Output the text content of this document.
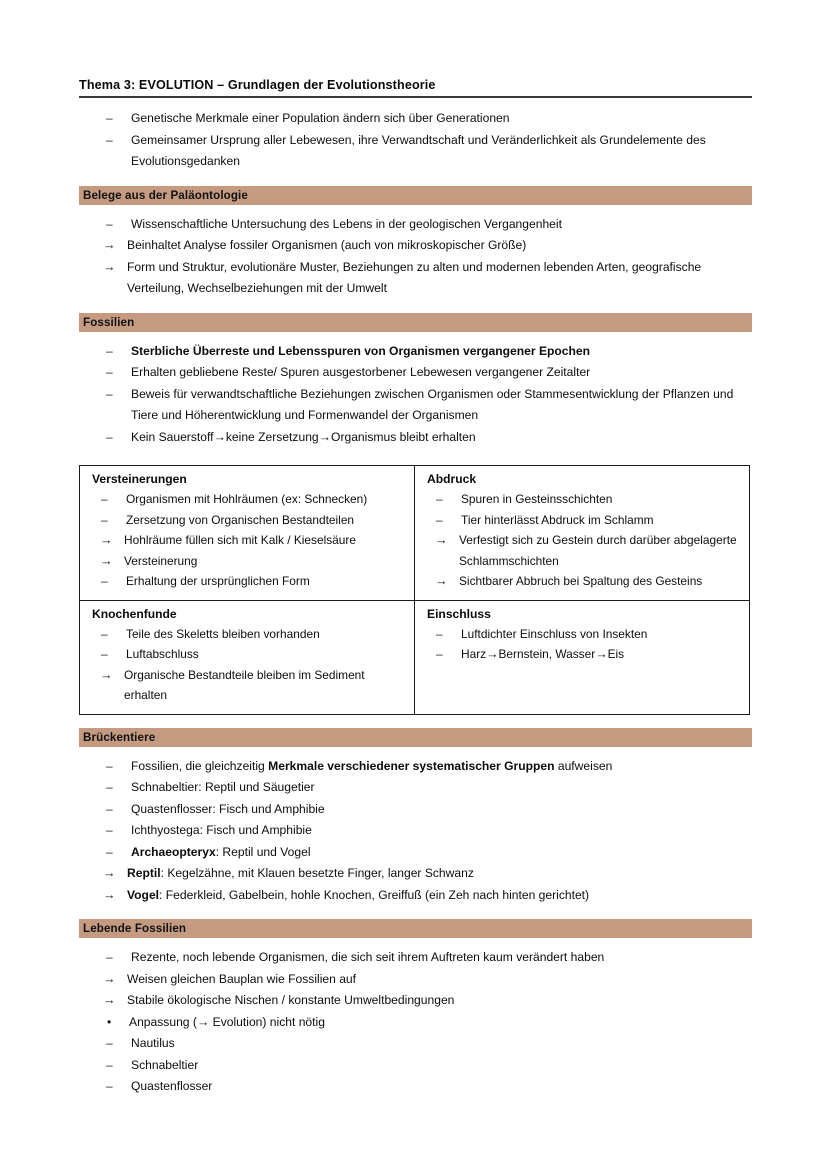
Thema 3: EVOLUTION – Grundlagen der Evolutionstheorie
– Genetische Merkmale einer Population ändern sich über Generationen
– Gemeinsamer Ursprung aller Lebewesen, ihre Verwandtschaft und Veränderlichkeit als Grundelemente des Evolutionsgedanken
Belege aus der Paläontologie
– Wissenschaftliche Untersuchung des Lebens in der geologischen Vergangenheit
→ Beinhaltet Analyse fossiler Organismen (auch von mikroskopischer Größe)
→ Form und Struktur, evolutionäre Muster, Beziehungen zu alten und modernen lebenden Arten, geografische Verteilung, Wechselbeziehungen mit der Umwelt
Fossilien
– Sterbliche Überreste und Lebensspuren von Organismen vergangener Epochen
– Erhalten gebliebene Reste/ Spuren ausgestorbener Lebewesen vergangener Zeitalter
– Beweis für verwandtschaftliche Beziehungen zwischen Organismen oder Stammesentwicklung der Pflanzen und Tiere und Höherentwicklung und Formenwandel der Organismen
– Kein Sauerstoff→keine Zersetzung→Organismus bleibt erhalten
Versteinerungen
– Organismen mit Hohlräumen (ex: Schnecken)
– Zersetzung von Organischen Bestandteilen
→ Hohlräume füllen sich mit Kalk / Kieselsäure
→ Versteinerung
– Erhaltung der ursprünglichen Form

Abdruck
– Spuren in Gesteinsschichten
– Tier hinterlässt Abdruck im Schlamm
→ Verfestigt sich zu Gestein durch darüber abgelagerte Schlammschichten
→ Sichtbarer Abbruch bei Spaltung des Gesteins

Knochenfunde
– Teile des Skeletts bleiben vorhanden
– Luftabschluss
→ Organische Bestandteile bleiben im Sediment erhalten

Einschluss
– Luftdichter Einschluss von Insekten
– Harz→Bernstein, Wasser→Eis
Brückentiere
– Fossilien, die gleichzeitig Merkmale verschiedener systematischer Gruppen aufweisen
– Schnabeltier: Reptil und Säugetier
– Quastenflosser: Fisch und Amphibie
– Ichthyostega: Fisch und Amphibie
– Archaeopteryx: Reptil und Vogel
→ Reptil: Kegelzähne, mit Klauen besetzte Finger, langer Schwanz
→ Vogel: Federkleid, Gabelbein, hohle Knochen, Greiffuß (ein Zeh nach hinten gerichtet)
Lebende Fossilien
– Rezente, noch lebende Organismen, die sich seit ihrem Auftreten kaum verändert haben
→ Weisen gleichen Bauplan wie Fossilien auf
→ Stabile ökologische Nischen / konstante Umweltbedingungen
• Anpassung (→ Evolution) nicht nötig
– Nautilus
– Schnabeltier
– Quastenflosser
